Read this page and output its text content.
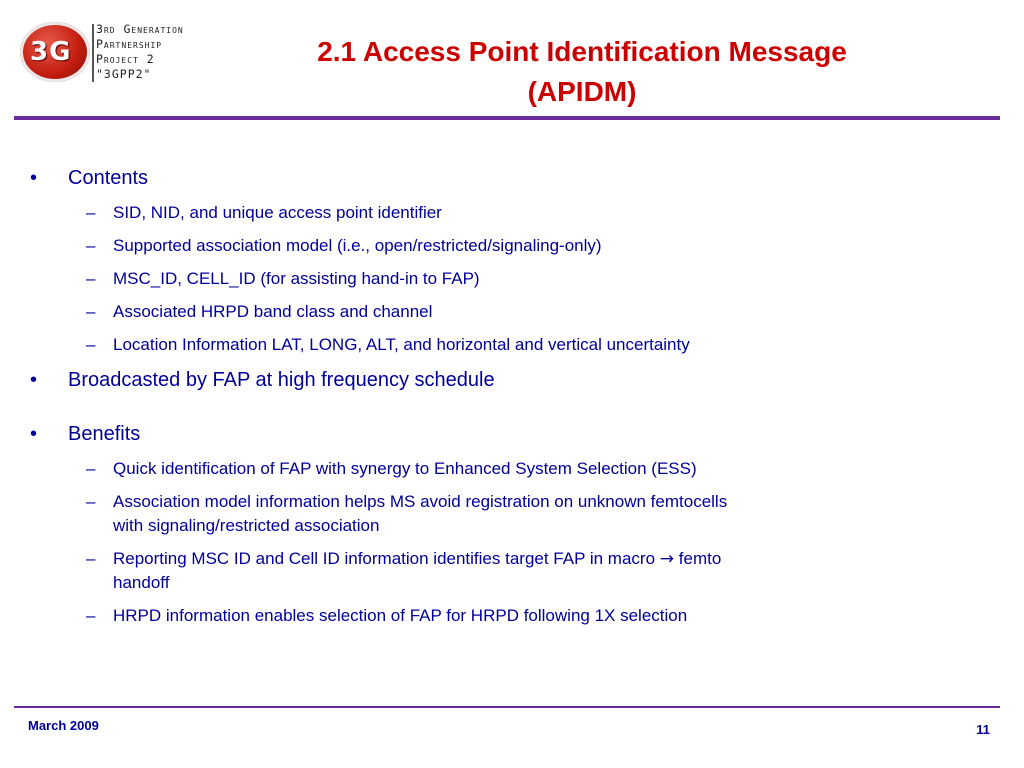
3G
3rd Generation
Partnership
Project 2
"3GPP2"
2.1 Access Point Identification Message
(APIDM)
• Contents
– SID, NID, and unique access point identifier
– Supported association model (i.e., open/restricted/signaling-only)
– MSC_ID, CELL_ID (for assisting hand-in to FAP)
– Associated HRPD band class and channel
– Location Information LAT, LONG, ALT, and horizontal and vertical uncertainty
• Broadcasted by FAP at high frequency schedule
• Benefits
– Quick identification of FAP with synergy to Enhanced System Selection (ESS)
– Association model information helps MS avoid registration on unknown femtocells
with signaling/restricted association
– Reporting MSC ID and Cell ID information identifies target FAP in macro → femto
handoff
– HRPD information enables selection of FAP for HRPD following 1X selection
March 2009	11
